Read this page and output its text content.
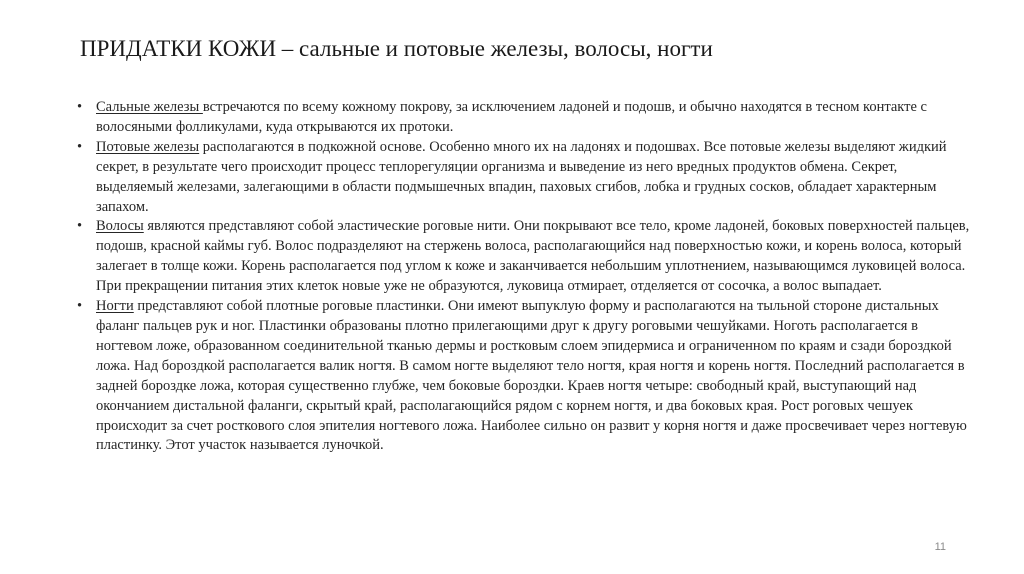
ПРИДАТКИ КОЖИ – сальные и потовые железы, волосы, ногти
• Сальные железы встречаются по всему кожному покрову, за исключением ладоней и подошв, и обычно находятся в тесном контакте с волосяными фолликулами, куда открываются их протоки.
• Потовые железы располагаются в подкожной основе. Особенно много их на ладонях и подошвах. Все потовые железы выделяют жидкий секрет, в результате чего происходит процесс теплорегуляции организма и выведение из него вредных продуктов обмена. Секрет, выделяемый железами, залегающими в области подмышечных впадин, паховых сгибов, лобка и грудных сосков, обладает характерным запахом.
• Волосы являются представляют собой эластические роговые нити. Они покрывают все тело, кроме ладоней, боковых поверхностей пальцев, подошв, красной каймы губ. Волос подразделяют на стержень волоса, располагающийся над поверхностью кожи, и корень волоса, который залегает в толще кожи. Корень располагается под углом к коже и заканчивается небольшим уплотнением, называющимся луковицей волоса. При прекращении питания этих клеток новые уже не образуются, луковица отмирает, отделяется от сосочка, а волос выпадает.
• Ногти представляют собой плотные роговые пластинки. Они имеют выпуклую форму и располагаются на тыльной стороне дистальных фаланг пальцев рук и ног. Пластинки образованы плотно прилегающими друг к другу роговыми чешуйками. Ноготь располагается в ногтевом ложе, образованном соединительной тканью дермы и ростковым слоем эпидермиса и ограниченном по краям и сзади бороздкой ложа. Над бороздкой располагается валик ногтя. В самом ногте выделяют тело ногтя, края ногтя и корень ногтя. Последний располагается в задней бороздке ложа, которая существенно глубже, чем боковые бороздки. Краев ногтя четыре: свободный край, выступающий над окончанием дистальной фаланги, скрытый край, располагающийся рядом с корнем ногтя, и два боковых края. Рост роговых чешуек происходит за счет росткового слоя эпителия ногтевого ложа. Наиболее сильно он развит у корня ногтя и даже просвечивает через ногтевую пластинку. Этот участок называется луночкой.
11
